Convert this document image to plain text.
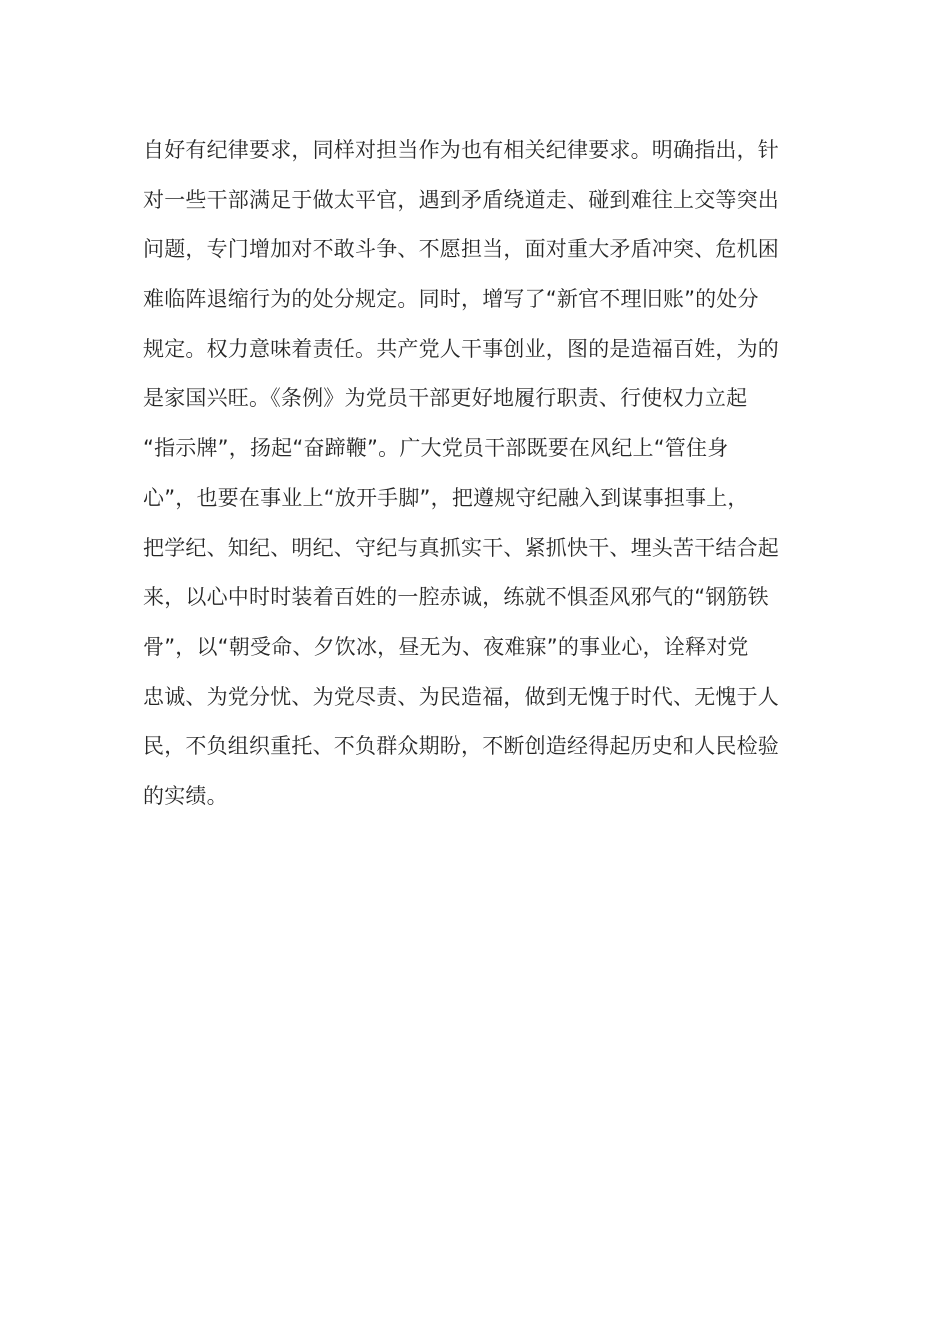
自好有纪律要求，同样对担当作为也有相关纪律要求。明确指出，针
对一些干部满足于做太平官，遇到矛盾绕道走、碰到难往上交等突出
问题，专门增加对不敢斗争、不愿担当，面对重大矛盾冲突、危机困
难临阵退缩行为的处分规定。同时，增写了“新官不理旧账”的处分
规定。权力意味着责任。共产党人干事创业，图的是造福百姓，为的
是家国兴旺。《条例》为党员干部更好地履行职责、行使权力立起
“指示牌”，扬起“奋蹄鞭”。广大党员干部既要在风纪上“管住身
心”，也要在事业上“放开手脚”，把遵规守纪融入到谋事担事上，
把学纪、知纪、明纪、守纪与真抓实干、紧抓快干、埋头苦干结合起
来，以心中时时装着百姓的一腔赤诚，练就不惧歪风邪气的“钢筋铁
骨”，以“朝受命、夕饮冰，昼无为、夜难寐”的事业心，诠释对党
忠诚、为党分忧、为党尽责、为民造福，做到无愧于时代、无愧于人
民，不负组织重托、不负群众期盼，不断创造经得起历史和人民检验
的实绩。
